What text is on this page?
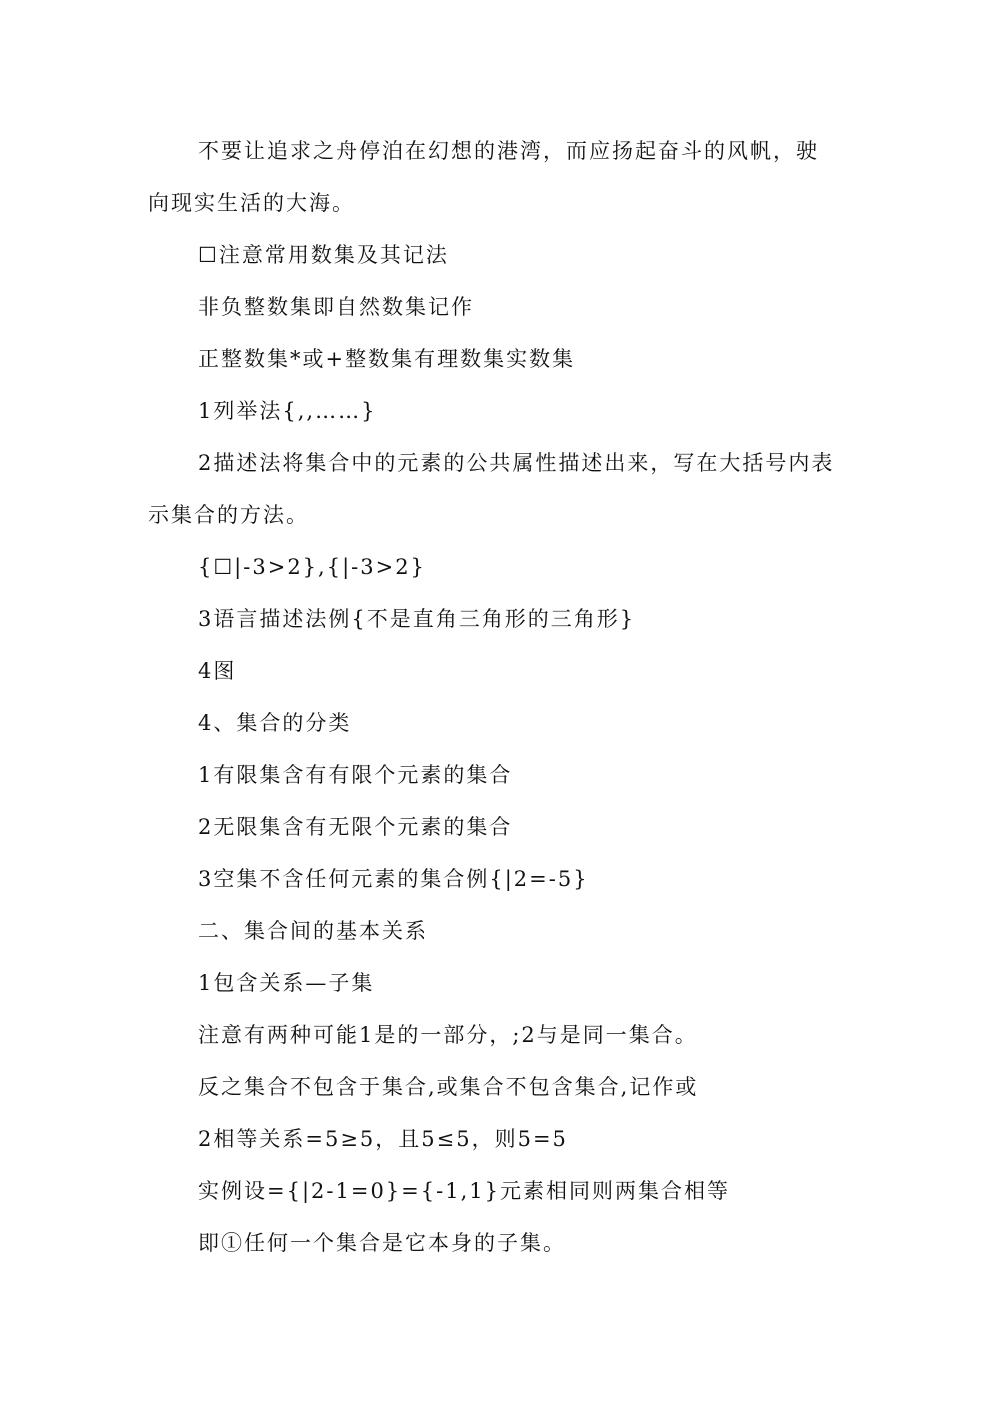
不要让追求之舟停泊在幻想的港湾，而应扬起奋斗的风帆，驶向现实生活的大海。

☐注意常用数集及其记法

非负整数集即自然数集记作

正整数集*或+整数集有理数集实数集

1列举法{,,……}

2描述法将集合中的元素的公共属性描述出来，写在大括号内表示集合的方法。

{☐|-3>2},{|-3>2}

3语言描述法例{不是直角三角形的三角形}

4图

4、集合的分类

1有限集含有有限个元素的集合

2无限集含有无限个元素的集合

3空集不含任何元素的集合例{|2=-5}

二、集合间的基本关系

1包含关系—子集

注意有两种可能1是的一部分，;2与是同一集合。

反之集合不包含于集合,或集合不包含集合,记作或

2相等关系=5≥5，且5≤5，则5=5

实例设={|2-1=0}={-1,1}元素相同则两集合相等

即①任何一个集合是它本身的子集。
